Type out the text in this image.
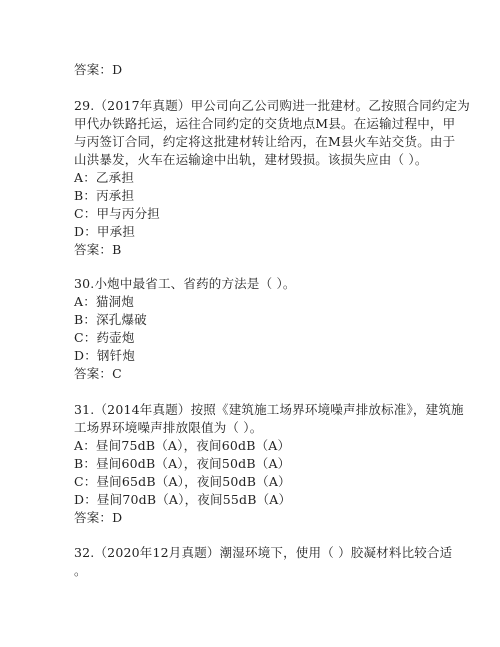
答案：D
29.（2017年真题）甲公司向乙公司购进一批建材。乙按照合同约定为
甲代办铁路托运，运往合同约定的交货地点M县。在运输过程中，甲
与丙签订合同，约定将这批建材转让给丙，在M县火车站交货。由于
山洪暴发，火车在运输途中出轨，建材毁损。该损失应由（ ）。
A：乙承担
B：丙承担
C：甲与丙分担
D：甲承担
答案：B
30.小炮中最省工、省药的方法是（ ）。
A：猫洞炮
B：深孔爆破
C：药壶炮
D：钢钎炮
答案：C
31.（2014年真题）按照《建筑施工场界环境噪声排放标准》，建筑施
工场界环境噪声排放限值为（ ）。
A：昼间75dB（A），夜间60dB（A）
B：昼间60dB（A），夜间50dB（A）
C：昼间65dB（A），夜间50dB（A）
D：昼间70dB（A），夜间55dB（A）
答案：D
32.（2020年12月真题）潮湿环境下，使用（ ）胶凝材料比较合适
。
